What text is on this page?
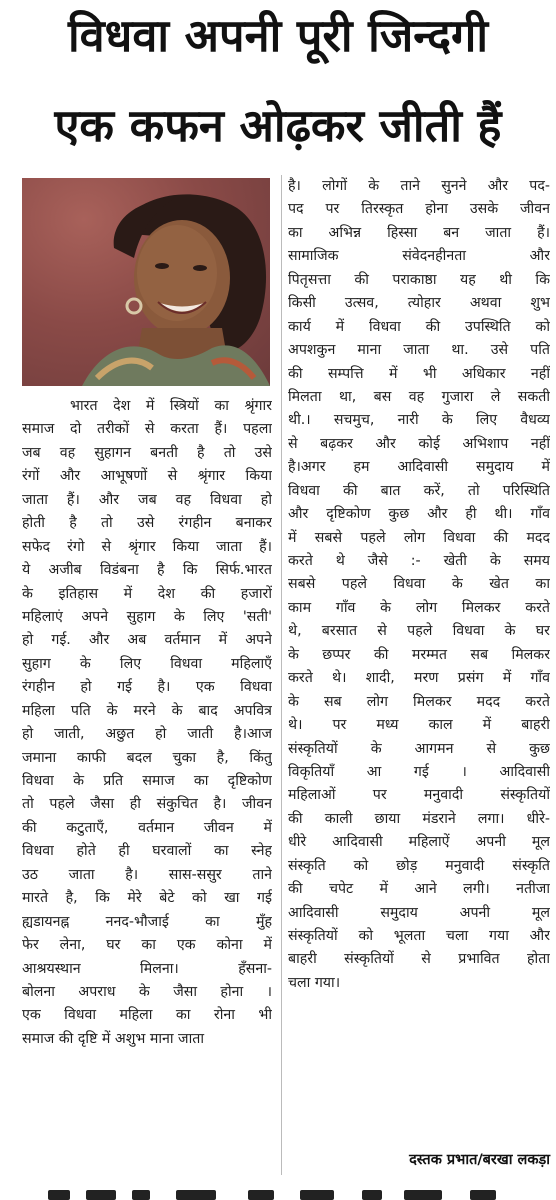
विधवा अपनी पूरी जिन्दगी
एक कफन ओढ़कर जीती हैं
भारत देश में स्त्रियों का श्रृंगार
समाज दो तरीकों से करता हैं। पहला
जब वह सुहागन बनती है तो उसे
रंगों और आभूषणों से श्रृंगार किया
जाता हैं। और जब वह विधवा हो
होती है तो उसे रंगहीन बनाकर
सफेद रंगो से श्रृंगार किया जाता हैं।
ये अजीब विडंबना है कि सिर्फ.भारत
के इतिहास में देश की हजारों
महिलाएं अपने सुहाग के लिए 'सती'
हो गई. और अब वर्तमान में अपने
सुहाग के लिए विधवा महिलाएँ
रंगहीन हो गई है। एक विधवा
महिला पति के मरने के बाद अपवित्र
हो जाती, अछुत हो जाती है।आज
जमाना काफी बदल चुका है, किंतु
विधवा के प्रति समाज का दृष्टिकोण
तो पहले जैसा ही संकुचित है। जीवन
की कटुताएँ, वर्तमान जीवन में
विधवा होते ही घरवालों का स्नेह
उठ जाता है। सास-ससुर ताने
मारते है, कि मेरे बेटे को खा गई
ह्यडायनह्न ननद-भौजाई का मुँह
फेर लेना, घर का एक कोना में
आश्रयस्थान मिलना। हँसना-
बोलना अपराध के जैसा होना ।
एक विधवा महिला का रोना भी
समाज की दृष्टि में अशुभ माना जाता
है। लोगों के ताने सुनने और पद-
पद पर तिरस्कृत होना उसके जीवन
का अभिन्न हिस्सा बन जाता हैं।
सामाजिक संवेदनहीनता और
पितृसत्ता की पराकाष्ठा यह थी कि
किसी उत्सव, त्योहार अथवा शुभ
कार्य में विधवा की उपस्थिति को
अपशकुन माना जाता था. उसे पति
की सम्पत्ति में भी अधिकार नहीं
मिलता था, बस वह गुजारा ले सकती
थी.। सचमुच, नारी के लिए वैधव्य
से बढ़कर और कोई अभिशाप नहीं
है।अगर हम आदिवासी समुदाय में
विधवा की बात करें, तो परिस्थिति
और दृष्टिकोण कुछ और ही थी। गाँव
में सबसे पहले लोग विधवा की मदद
करते थे जैसे :- खेती के समय
सबसे पहले विधवा के खेत का
काम गाँव के लोग मिलकर करते
थे, बरसात से पहले विधवा के घर
के छप्पर की मरम्मत सब मिलकर
करते थे। शादी, मरण प्रसंग में गाँव
के सब लोग मिलकर मदद करते
थे। पर मध्य काल में बाहरी
संस्कृतियों के आगमन से कुछ
विकृतियाँ आ गई । आदिवासी
महिलाओं पर मनुवादी संस्कृतियों
की काली छाया मंडराने लगा। धीरे-
धीरे आदिवासी महिलाऐं अपनी मूल
संस्कृति को छोड़ मनुवादी संस्कृति
की चपेट में आने लगी। नतीजा
आदिवासी समुदाय अपनी मूल
संस्कृतियों को भूलता चला गया और
बाहरी संस्कृतियों से प्रभावित होता
चला गया।
दस्तक प्रभात/बरखा लकड़ा
